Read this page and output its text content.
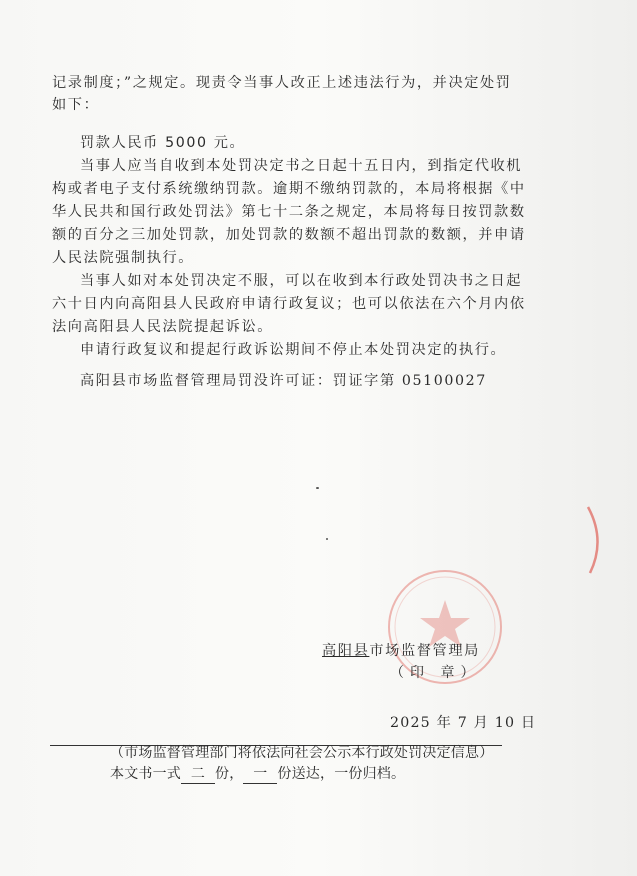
记录制度；”之规定。现责令当事人改正上述违法行为，并决定处罚
如下：
罚款人民币 5000 元。
当事人应当自收到本处罚决定书之日起十五日内，到指定代收机
构或者电子支付系统缴纳罚款。逾期不缴纳罚款的，本局将根据《中
华人民共和国行政处罚法》第七十二条之规定，本局将每日按罚款数
额的百分之三加处罚款，加处罚款的数额不超出罚款的数额，并申请
人民法院强制执行。
当事人如对本处罚决定不服，可以在收到本行政处罚决书之日起
六十日内向高阳县人民政府申请行政复议；也可以依法在六个月内依
法向高阳县人民法院提起诉讼。
申请行政复议和提起行政诉讼期间不停止本处罚决定的执行。
高阳县市场监督管理局罚没许可证：罚证字第 05100027
高阳县市场监督管理局
（印 章）
2025 年 7 月 10 日
（市场监督管理部门将依法向社会公示本行政处罚决定信息）
本文书一式 二 份， 一 份送达，一份归档。
